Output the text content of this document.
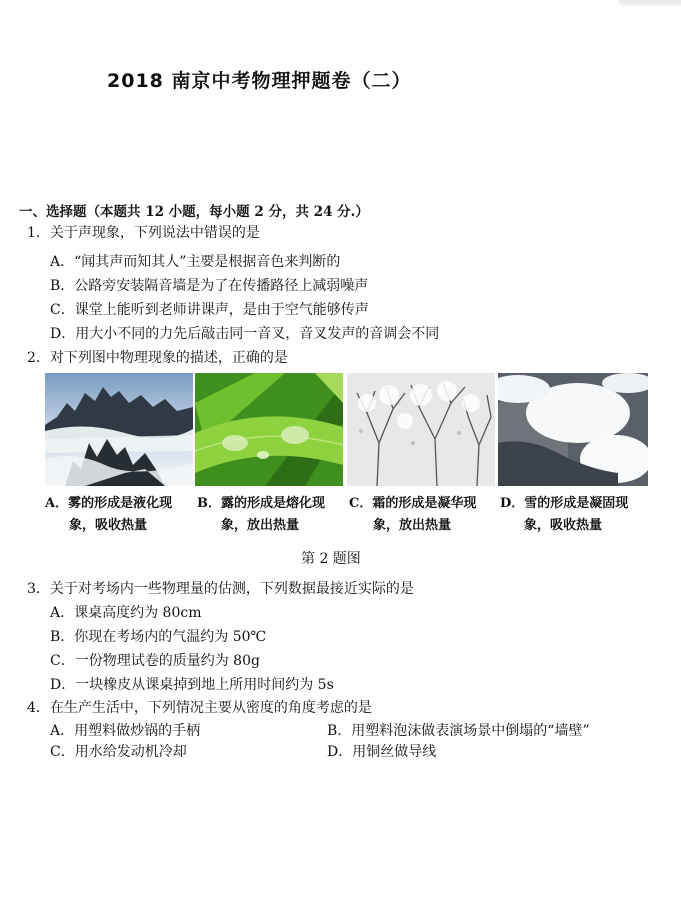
2018 南京中考物理押题卷（二）
一、选择题（本题共 12 小题，每小题 2 分，共 24 分.）
1．关于声现象，下列说法中错误的是
A．“闻其声而知其人”主要是根据音色来判断的
B．公路旁安装隔音墙是为了在传播路径上减弱噪声
C．课堂上能听到老师讲课声，是由于空气能够传声
D．用大小不同的力先后敲击同一音叉，音叉发声的音调会不同
2．对下列图中物理现象的描述，正确的是
A．雾的形成是液化现
象，吸收热量
B．露的形成是熔化现
象，放出热量
C．霜的形成是凝华现
象，放出热量
D．雪的形成是凝固现
象，吸收热量
第 2 题图
3．关于对考场内一些物理量的估测，下列数据最接近实际的是
A．课桌高度约为 80cm
B．你现在考场内的气温约为 50℃
C．一份物理试卷的质量约为 80g
D．一块橡皮从课桌掉到地上所用时间约为 5s
4．在生产生活中，下列情况主要从密度的角度考虑的是
A．用塑料做炒锅的手柄	B．用塑料泡沫做表演场景中倒塌的“墙壁”
C．用水给发动机冷却	D．用铜丝做导线
